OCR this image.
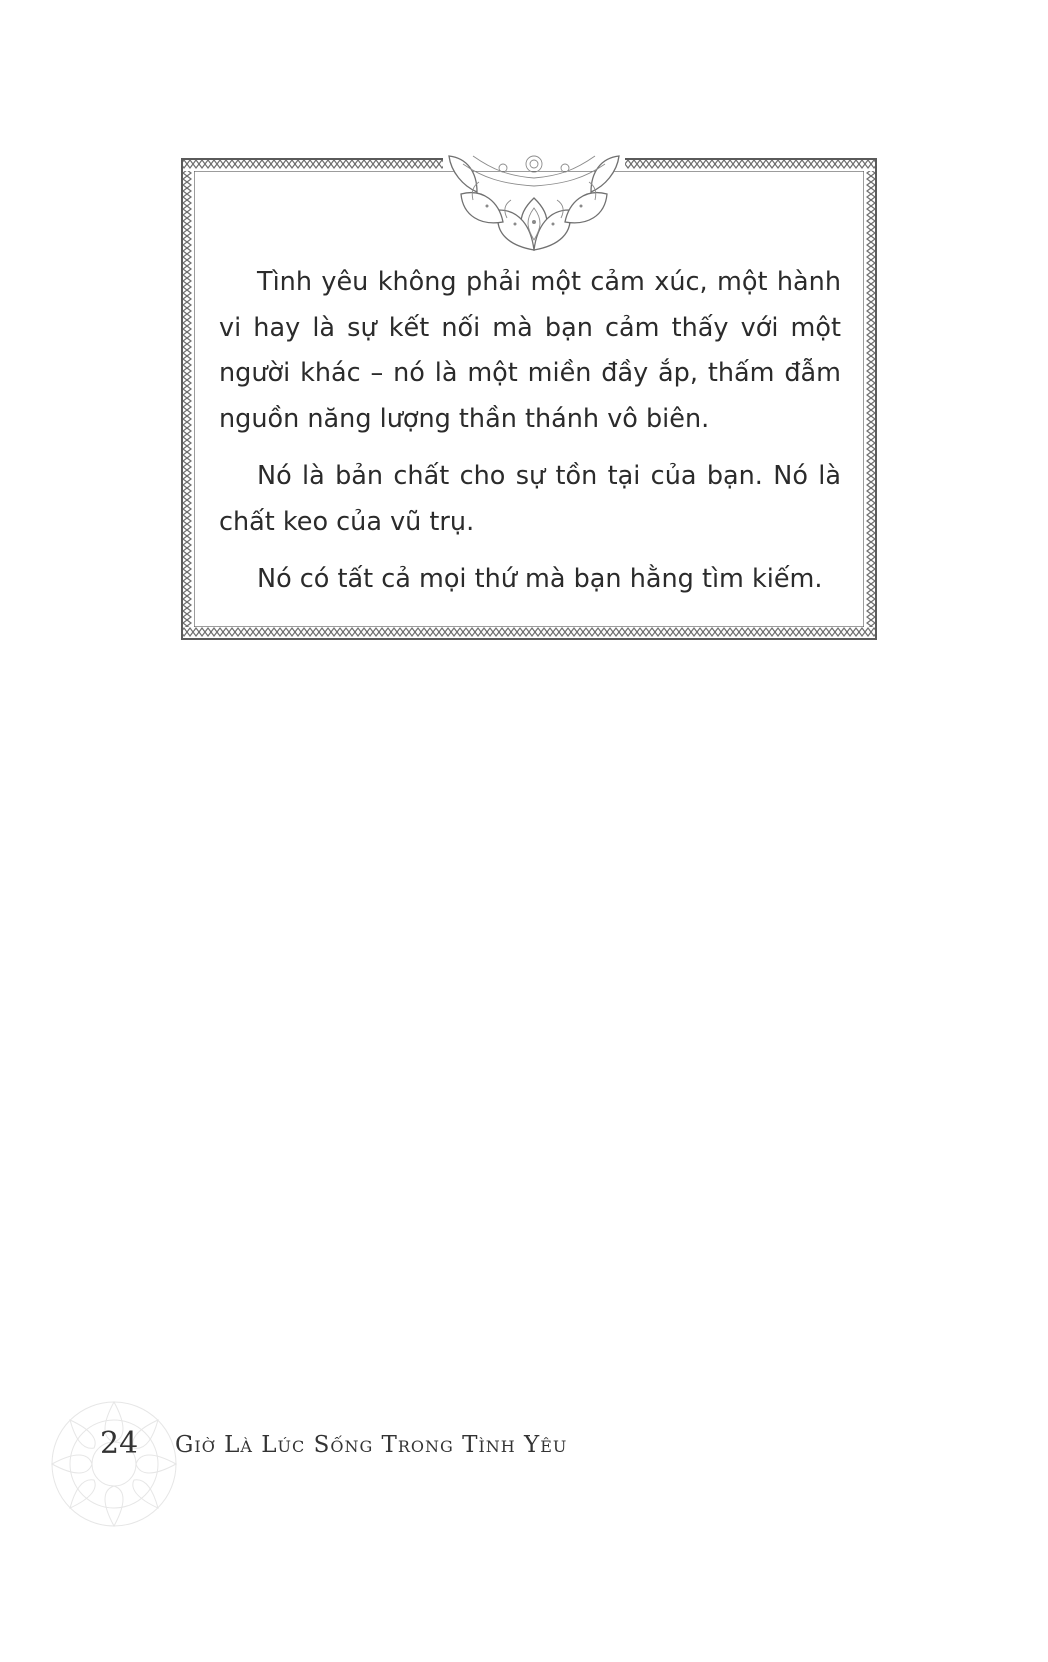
Tình yêu không phải một cảm xúc, một hành vi hay là sự kết nối mà bạn cảm thấy với một người khác – nó là một miền đầy ắp, thấm đẫm nguồn năng lượng thần thánh vô biên.

Nó là bản chất cho sự tồn tại của bạn. Nó là chất keo của vũ trụ.

Nó có tất cả mọi thứ mà bạn hằng tìm kiếm.

24 Giờ Là Lúc Sống Trong Tình Yêu
